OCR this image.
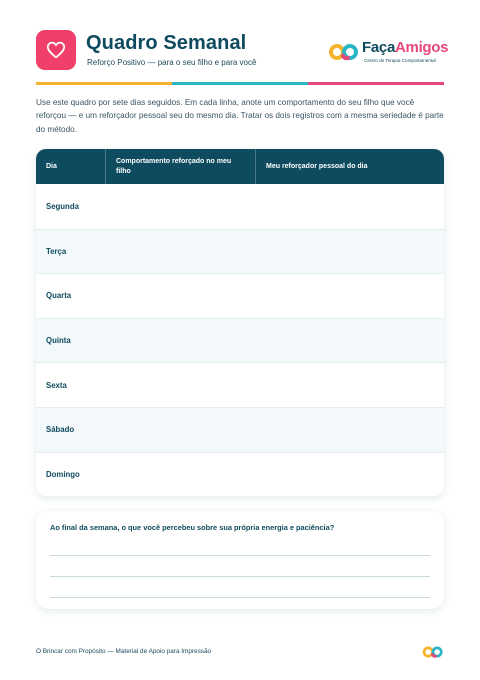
Quadro Semanal
Reforço Positivo — para o seu filho e para você
FaçaAmigos
Centro de Terapia Comportamental

Use este quadro por sete dias seguidos. Em cada linha, anote um comportamento do seu filho que você reforçou — e um reforçador pessoal seu do mesmo dia. Tratar os dois registros com a mesma seriedade é parte do método.

Dia
Comportamento reforçado no meu filho
Meu reforçador pessoal do dia
Segunda
Terça
Quarta
Quinta
Sexta
Sábado
Domingo
Ao final da semana, o que você percebeu sobre sua própria energia e paciência?
O Brincar com Propósito — Material de Apoio para Impressão
